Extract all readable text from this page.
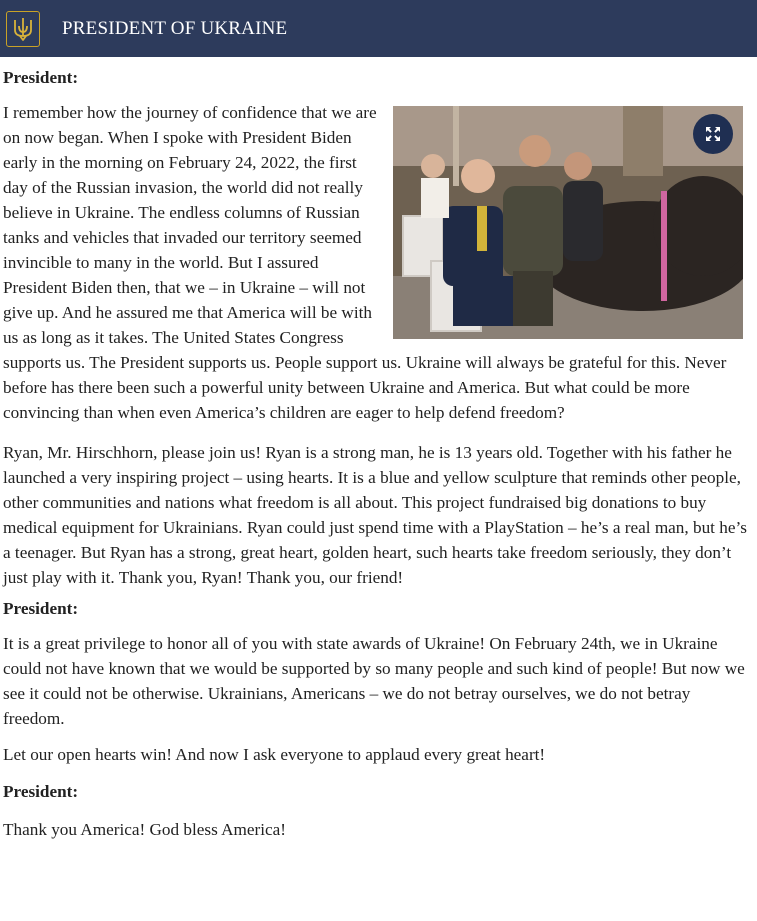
PRESIDENT OF UKRAINE
President:

I remember how the journey of confidence that we are on now began. When I spoke with President Biden early in the morning on February 24, 2022, the first day of the Russian invasion, the world did not really believe in Ukraine. The endless columns of Russian tanks and vehicles that invaded our territory seemed invincible to many in the world. But I assured President Biden then, that we – in Ukraine – will not give up. And he assured me that America will be with us as long as it takes. The United States Congress supports us. The President supports us. People support us. Ukraine will always be grateful for this. Never before has there been such a powerful unity between Ukraine and America. But what could be more convincing than when even America’s children are eager to help defend freedom?

Ryan, Mr. Hirschhorn, please join us! Ryan is a strong man, he is 13 years old. Together with his father he launched a very inspiring project – using hearts. It is a blue and yellow sculpture that reminds other people, other communities and nations what freedom is all about. This project fundraised big donations to buy medical equipment for Ukrainians. Ryan could just spend time with a PlayStation – he’s a real man, but he’s a teenager. But Ryan has a strong, great heart, golden heart, such hearts take freedom seriously, they don’t just play with it. Thank you, Ryan! Thank you, our friend!

President:

It is a great privilege to honor all of you with state awards of Ukraine! On February 24th, we in Ukraine could not have known that we would be supported by so many people and such kind of people! But now we see it could not be otherwise. Ukrainians, Americans – we do not betray ourselves, we do not betray freedom.

Let our open hearts win! And now I ask everyone to applaud every great heart!

President:

Thank you America! God bless America!
